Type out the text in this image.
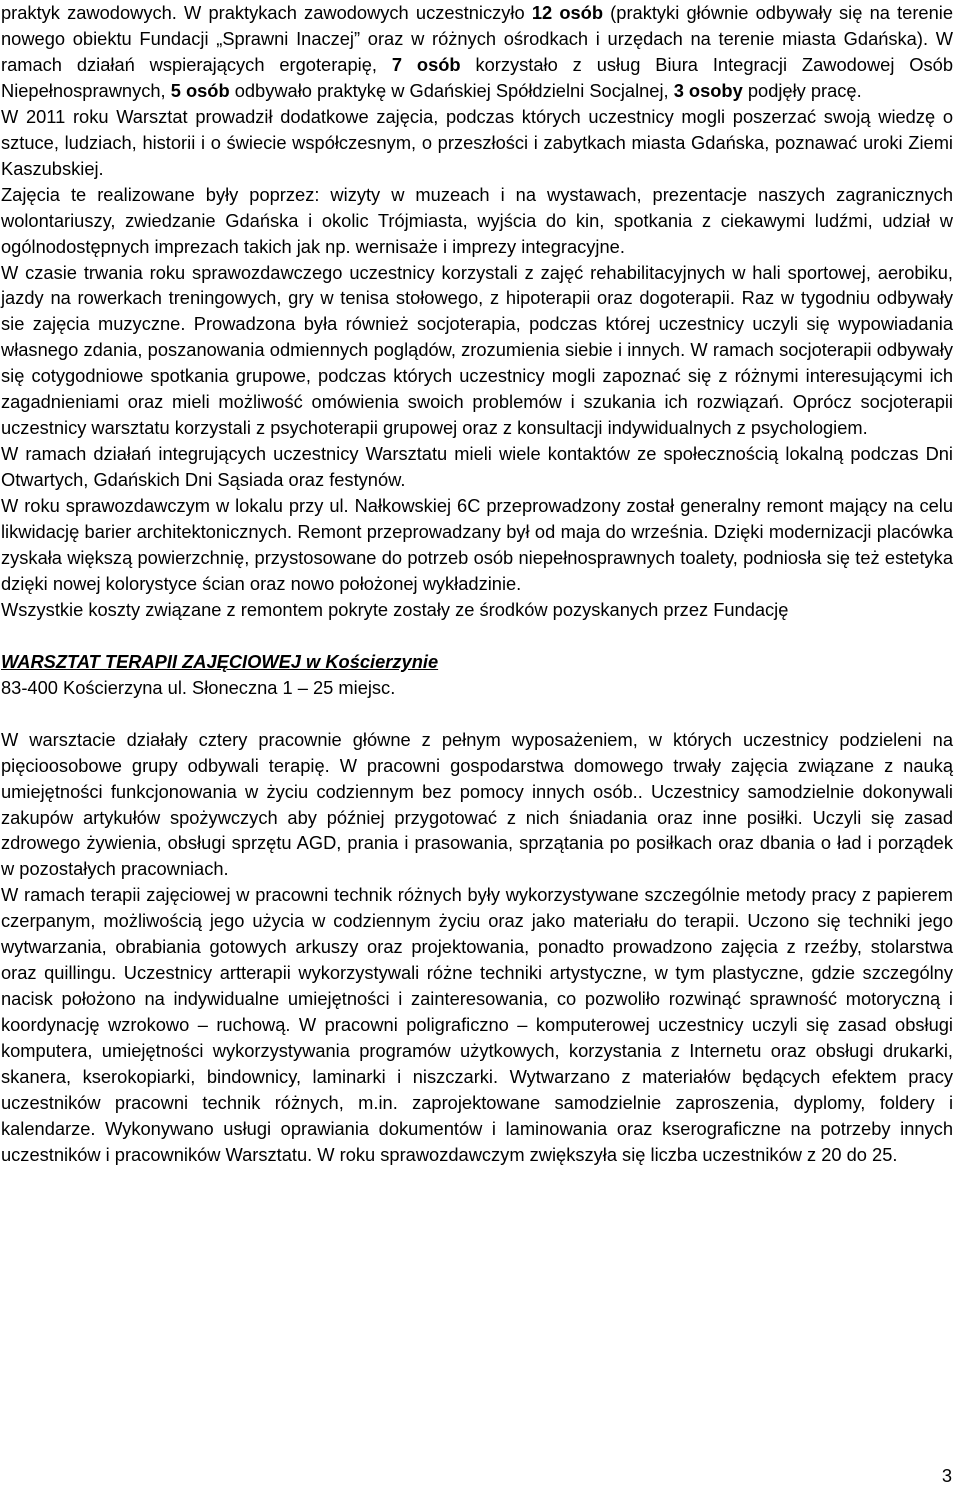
praktyk zawodowych. W praktykach zawodowych uczestniczyło 12 osób (praktyki głównie odbywały się na terenie nowego obiektu Fundacji „Sprawni Inaczej” oraz w różnych ośrodkach i urzędach na terenie miasta Gdańska). W ramach działań wspierających ergoterapię, 7 osób korzystało z usług Biura Integracji Zawodowej Osób Niepełnosprawnych, 5 osób odbywało praktykę w Gdańskiej Spółdzielni Socjalnej, 3 osoby podjęły pracę.

W 2011 roku Warsztat prowadził dodatkowe zajęcia, podczas których uczestnicy mogli poszerzać swoją wiedzę o sztuce, ludziach, historii i o świecie współczesnym, o przeszłości i zabytkach miasta Gdańska, poznawać uroki Ziemi Kaszubskiej.

Zajęcia te realizowane były poprzez: wizyty w muzeach i na wystawach, prezentacje naszych zagranicznych wolontariuszy, zwiedzanie Gdańska i okolic Trójmiasta, wyjścia do kin, spotkania z ciekawymi ludźmi, udział w ogólnodostępnych imprezach takich jak np. wernisaże i imprezy integracyjne.

W czasie trwania roku sprawozdawczego uczestnicy korzystali z zajęć rehabilitacyjnych w hali sportowej, aerobiku, jazdy na rowerkach treningowych, gry w tenisa stołowego, z hipoterapii oraz dogoterapii. Raz w tygodniu odbywały sie zajęcia muzyczne. Prowadzona była również socjoterapia, podczas której uczestnicy uczyli się wypowiadania własnego zdania, poszanowania odmiennych poglądów, zrozumienia siebie i innych. W ramach socjoterapii odbywały się cotygodniowe spotkania grupowe, podczas których uczestnicy mogli zapoznać się z różnymi interesującymi ich zagadnieniami oraz mieli możliwość omówienia swoich problemów i szukania ich rozwiązań. Oprócz socjoterapii uczestnicy warsztatu korzystali z psychoterapii grupowej oraz z konsultacji indywidualnych z psychologiem.

W ramach działań integrujących uczestnicy Warsztatu mieli wiele kontaktów ze społecznością lokalną podczas Dni Otwartych, Gdańskich Dni Sąsiada oraz festynów.

W roku sprawozdawczym w lokalu przy ul. Nałkowskiej 6C przeprowadzony został generalny remont mający na celu likwidację barier architektonicznych. Remont przeprowadzany był od maja do września. Dzięki modernizacji placówka zyskała większą powierzchnię, przystosowane do potrzeb osób niepełnosprawnych toalety, podniosła się też estetyka dzięki nowej kolorystyce ścian oraz nowo położonej wykładzinie.

Wszystkie koszty związane z remontem pokryte zostały ze środków pozyskanych przez Fundację

WARSZTAT TERAPII ZAJĘCIOWEJ w Kościerzynie

83-400 Kościerzyna ul. Słoneczna 1 – 25 miejsc.

W warsztacie działały cztery pracownie główne z pełnym wyposażeniem, w których uczestnicy podzieleni na pięcioosobowe grupy odbywali terapię. W pracowni gospodarstwa domowego trwały zajęcia związane z nauką umiejętności funkcjonowania w życiu codziennym bez pomocy innych osób.. Uczestnicy samodzielnie dokonywali zakupów artykułów spożywczych aby później przygotować z nich śniadania oraz inne posiłki. Uczyli się zasad zdrowego żywienia, obsługi sprzętu AGD, prania i prasowania, sprzątania po posiłkach oraz dbania o ład i porządek w pozostałych pracowniach.

W ramach terapii zajęciowej w pracowni technik różnych były wykorzystywane szczególnie metody pracy z papierem czerpanym, możliwością jego użycia w codziennym życiu oraz jako materiału do terapii. Uczono się techniki jego wytwarzania, obrabiania gotowych arkuszy oraz projektowania, ponadto prowadzono zajęcia z rzeźby, stolarstwa oraz quillingu. Uczestnicy artterapii wykorzystywali różne techniki artystyczne, w tym plastyczne, gdzie szczególny nacisk położono na indywidualne umiejętności i zainteresowania, co pozwoliło rozwinąć sprawność motoryczną i koordynację wzrokowo – ruchową. W pracowni poligraficzno – komputerowej uczestnicy uczyli się zasad obsługi komputera, umiejętności wykorzystywania programów użytkowych, korzystania z Internetu oraz obsługi drukarki, skanera, kserokopiarki, bindownicy, laminarki i niszczarki. Wytwarzano z materiałów będących efektem pracy uczestników pracowni technik różnych, m.in. zaprojektowane samodzielnie zaproszenia, dyplomy, foldery i kalendarze. Wykonywano usługi oprawiania dokumentów i laminowania oraz kserograficzne na potrzeby innych uczestników i pracowników Warsztatu. W roku sprawozdawczym zwiększyła się liczba uczestników z 20 do 25.

3
